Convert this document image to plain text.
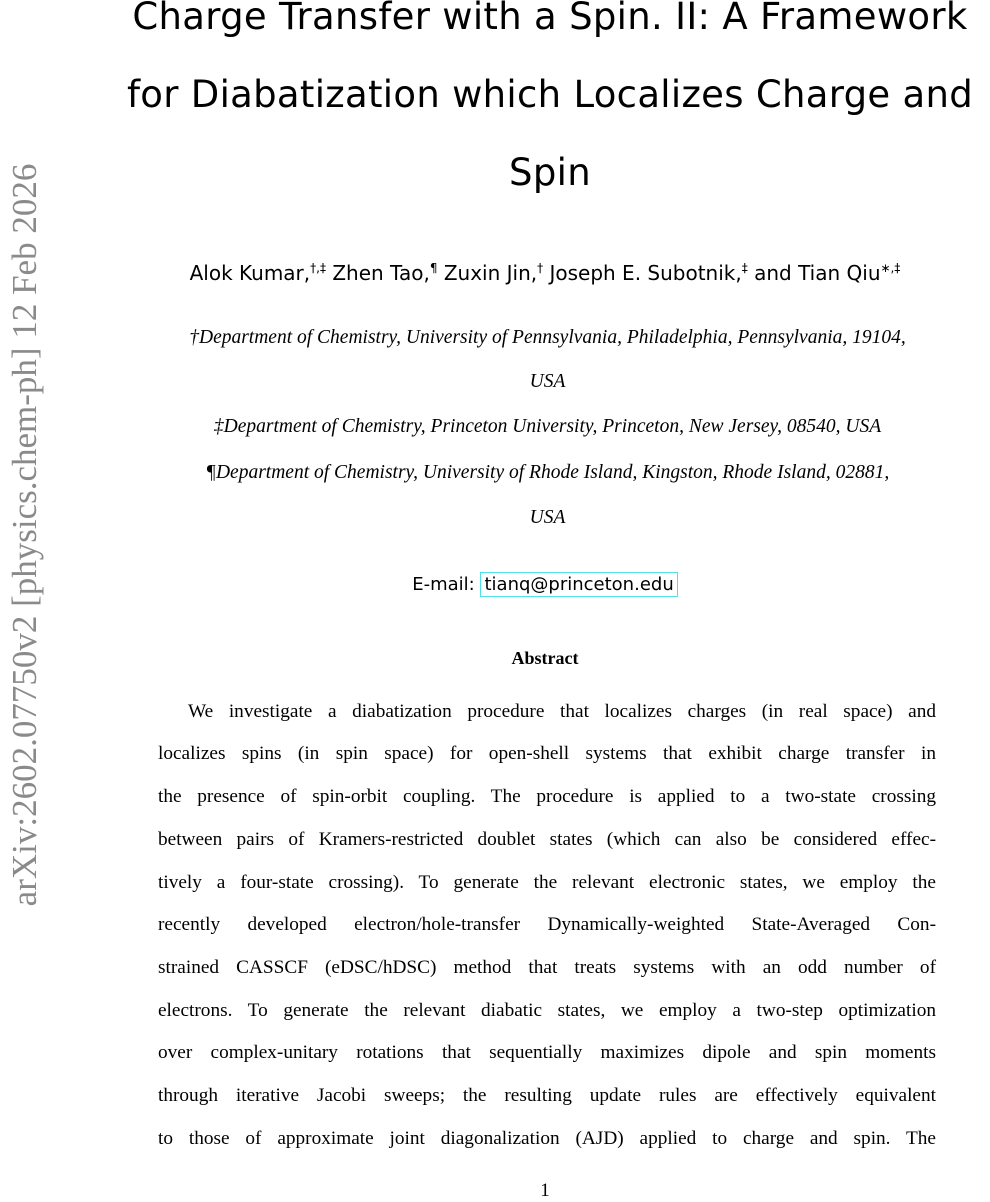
arXiv:2602.07750v2 [physics.chem-ph] 12 Feb 2026
Charge Transfer with a Spin. II: A Framework
for Diabatization which Localizes Charge and
Spin
Alok Kumar,†,‡ Zhen Tao,¶ Zuxin Jin,† Joseph E. Subotnik,‡ and Tian Qiu∗,‡
†Department of Chemistry, University of Pennsylvania, Philadelphia, Pennsylvania, 19104,
USA
‡Department of Chemistry, Princeton University, Princeton, New Jersey, 08540, USA
¶Department of Chemistry, University of Rhode Island, Kingston, Rhode Island, 02881,
USA
E-mail: tianq@princeton.edu
Abstract
We investigate a diabatization procedure that localizes charges (in real space) and
localizes spins (in spin space) for open-shell systems that exhibit charge transfer in
the presence of spin-orbit coupling. The procedure is applied to a two-state crossing
between pairs of Kramers-restricted doublet states (which can also be considered effec-
tively a four-state crossing). To generate the relevant electronic states, we employ the
recently developed electron/hole-transfer Dynamically-weighted State-Averaged Con-
strained CASSCF (eDSC/hDSC) method that treats systems with an odd number of
electrons. To generate the relevant diabatic states, we employ a two-step optimization
over complex-unitary rotations that sequentially maximizes dipole and spin moments
through iterative Jacobi sweeps; the resulting update rules are effectively equivalent
to those of approximate joint diagonalization (AJD) applied to charge and spin. The
1
